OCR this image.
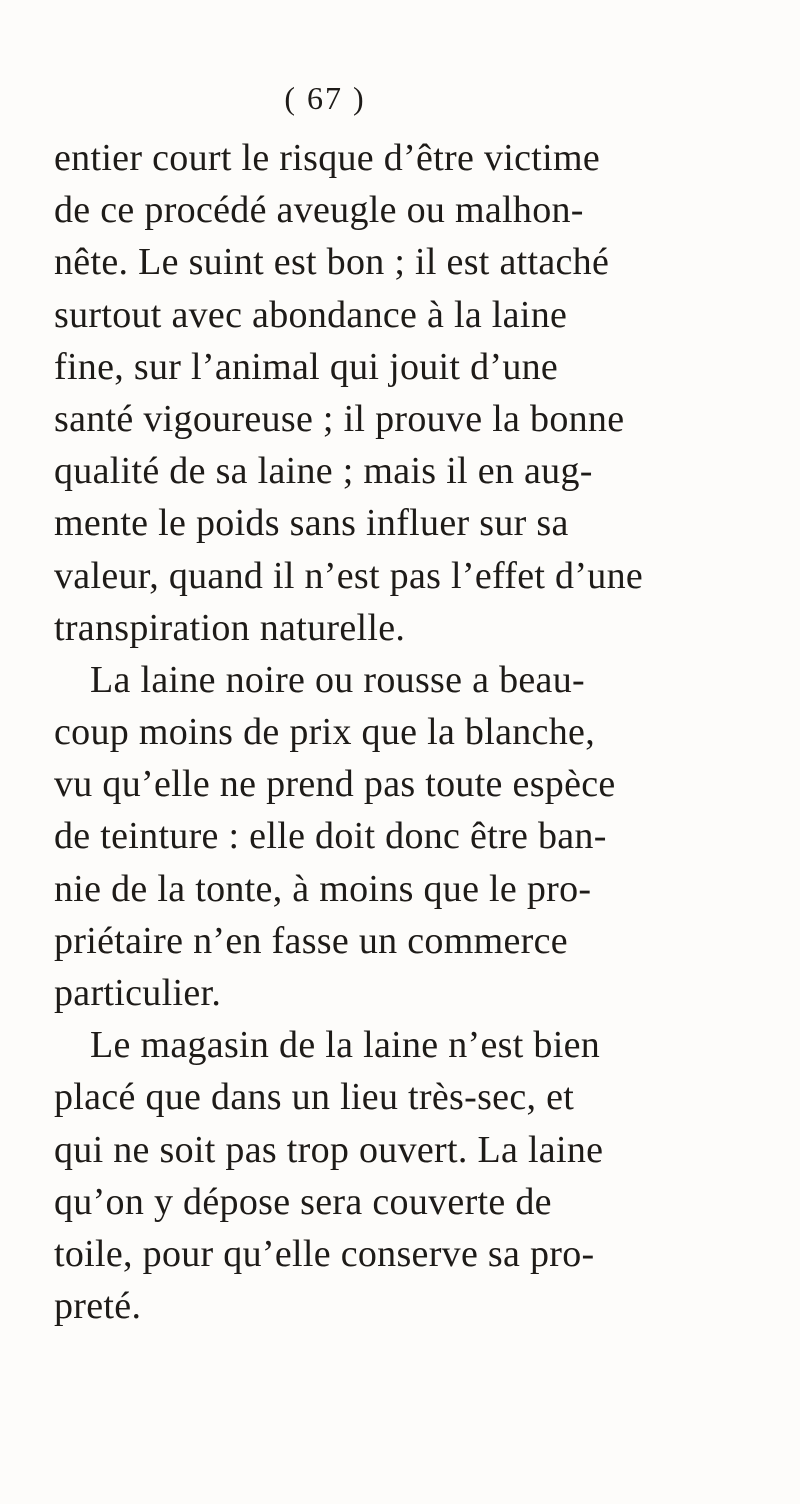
( 67 )
entier court le risque d’être victime
de ce procédé aveugle ou malhon-
nête. Le suint est bon ; il est attaché
surtout avec abondance à la laine
fine, sur l’animal qui jouit d’une
santé vigoureuse ; il prouve la bonne
qualité de sa laine ; mais il en aug-
mente le poids sans influer sur sa
valeur, quand il n’est pas l’effet d’une
transpiration naturelle.
La laine noire ou rousse a beau-
coup moins de prix que la blanche,
vu qu’elle ne prend pas toute espèce
de teinture : elle doit donc être ban-
nie de la tonte, à moins que le pro-
priétaire n’en fasse un commerce
particulier.
Le magasin de la laine n’est bien
placé que dans un lieu très-sec, et
qui ne soit pas trop ouvert. La laine
qu’on y dépose sera couverte de
toile, pour qu’elle conserve sa pro-
preté.
